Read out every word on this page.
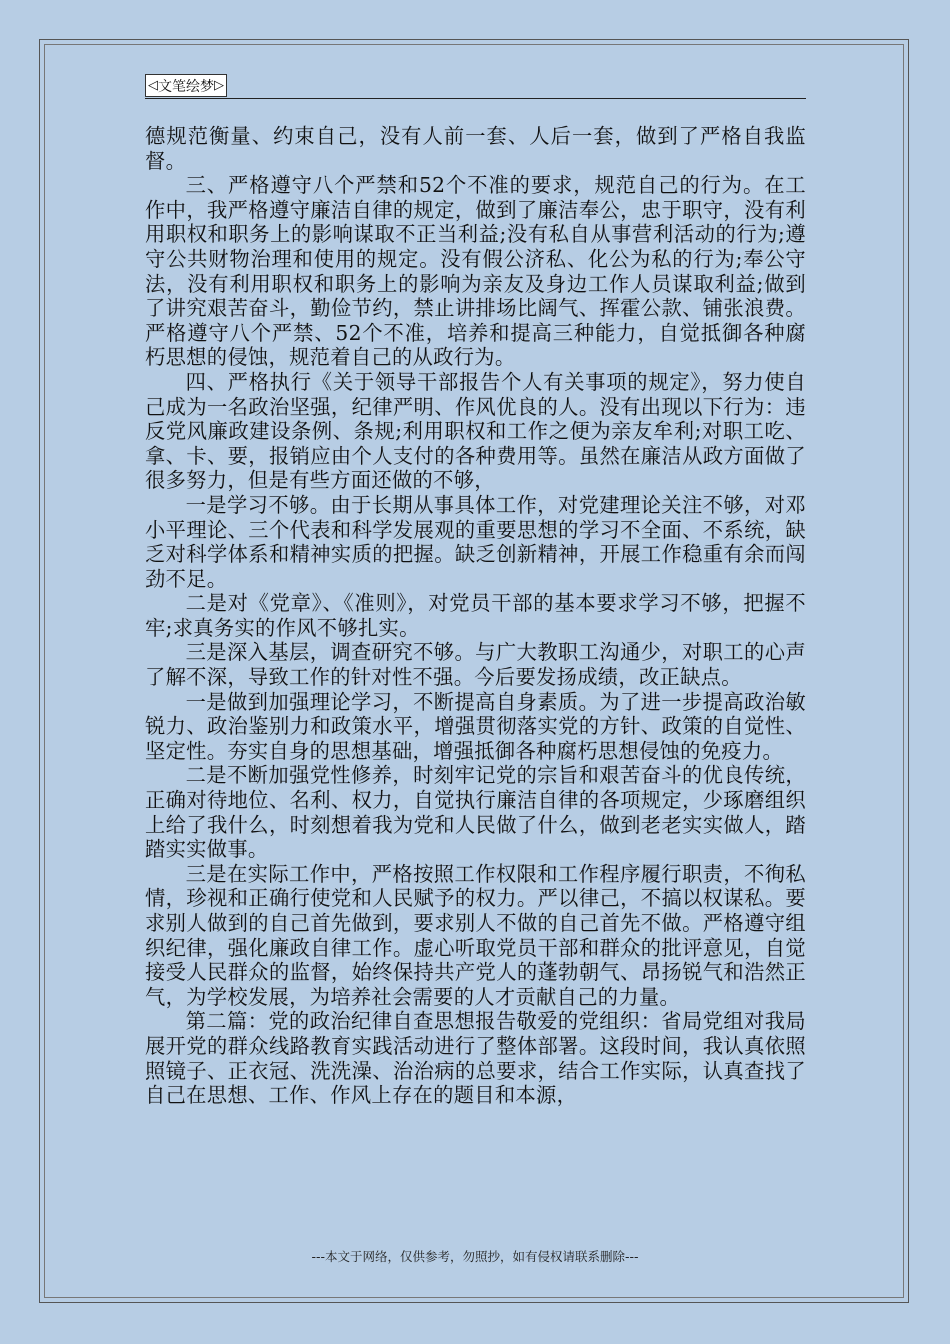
◁ 文笔绘梦 ▷

德规范衡量、约束自己，没有人前一套、人后一套，做到了严格自我监督。

三、严格遵守八个严禁和52个不准的要求，规范自己的行为。在工作中，我严格遵守廉洁自律的规定，做到了廉洁奉公，忠于职守，没有利用职权和职务上的影响谋取不正当利益;没有私自从事营利活动的行为;遵守公共财物治理和使用的规定。没有假公济私、化公为私的行为;奉公守法，没有利用职权和职务上的影响为亲友及身边工作人员谋取利益;做到了讲究艰苦奋斗，勤俭节约，禁止讲排场比阔气、挥霍公款、铺张浪费。严格遵守八个严禁、52个不准，培养和提高三种能力，自觉抵御各种腐朽思想的侵蚀，规范着自己的从政行为。

四、严格执行《关于领导干部报告个人有关事项的规定》，努力使自己成为一名政治坚强，纪律严明、作风优良的人。没有出现以下行为：违反党风廉政建设条例、条规;利用职权和工作之便为亲友牟利;对职工吃、拿、卡、要，报销应由个人支付的各种费用等。虽然在廉洁从政方面做了很多努力，但是有些方面还做的不够，

一是学习不够。由于长期从事具体工作，对党建理论关注不够，对邓小平理论、三个代表和科学发展观的重要思想的学习不全面、不系统，缺乏对科学体系和精神实质的把握。缺乏创新精神，开展工作稳重有余而闯劲不足。

二是对《党章》、《准则》，对党员干部的基本要求学习不够，把握不牢;求真务实的作风不够扎实。

三是深入基层，调查研究不够。与广大教职工沟通少，对职工的心声了解不深，导致工作的针对性不强。今后要发扬成绩，改正缺点。

一是做到加强理论学习，不断提高自身素质。为了进一步提高政治敏锐力、政治鉴别力和政策水平，增强贯彻落实党的方针、政策的自觉性、坚定性。夯实自身的思想基础，增强抵御各种腐朽思想侵蚀的免疫力。

二是不断加强党性修养，时刻牢记党的宗旨和艰苦奋斗的优良传统，正确对待地位、名利、权力，自觉执行廉洁自律的各项规定，少琢磨组织上给了我什么，时刻想着我为党和人民做了什么，做到老老实实做人，踏踏实实做事。

三是在实际工作中，严格按照工作权限和工作程序履行职责，不徇私情，珍视和正确行使党和人民赋予的权力。严以律己，不搞以权谋私。要求别人做到的自己首先做到，要求别人不做的自己首先不做。严格遵守组织纪律，强化廉政自律工作。虚心听取党员干部和群众的批评意见，自觉接受人民群众的监督，始终保持共产党人的蓬勃朝气、昂扬锐气和浩然正气，为学校发展，为培养社会需要的人才贡献自己的力量。

第二篇：党的政治纪律自查思想报告敬爱的党组织：省局党组对我局展开党的群众线路教育实践活动进行了整体部署。这段时间，我认真依照照镜子、正衣冠、洗洗澡、治治病的总要求，结合工作实际，认真查找了自己在思想、工作、作风上存在的题目和本源，

---本文于网络，仅供参考，勿照抄，如有侵权请联系删除---
